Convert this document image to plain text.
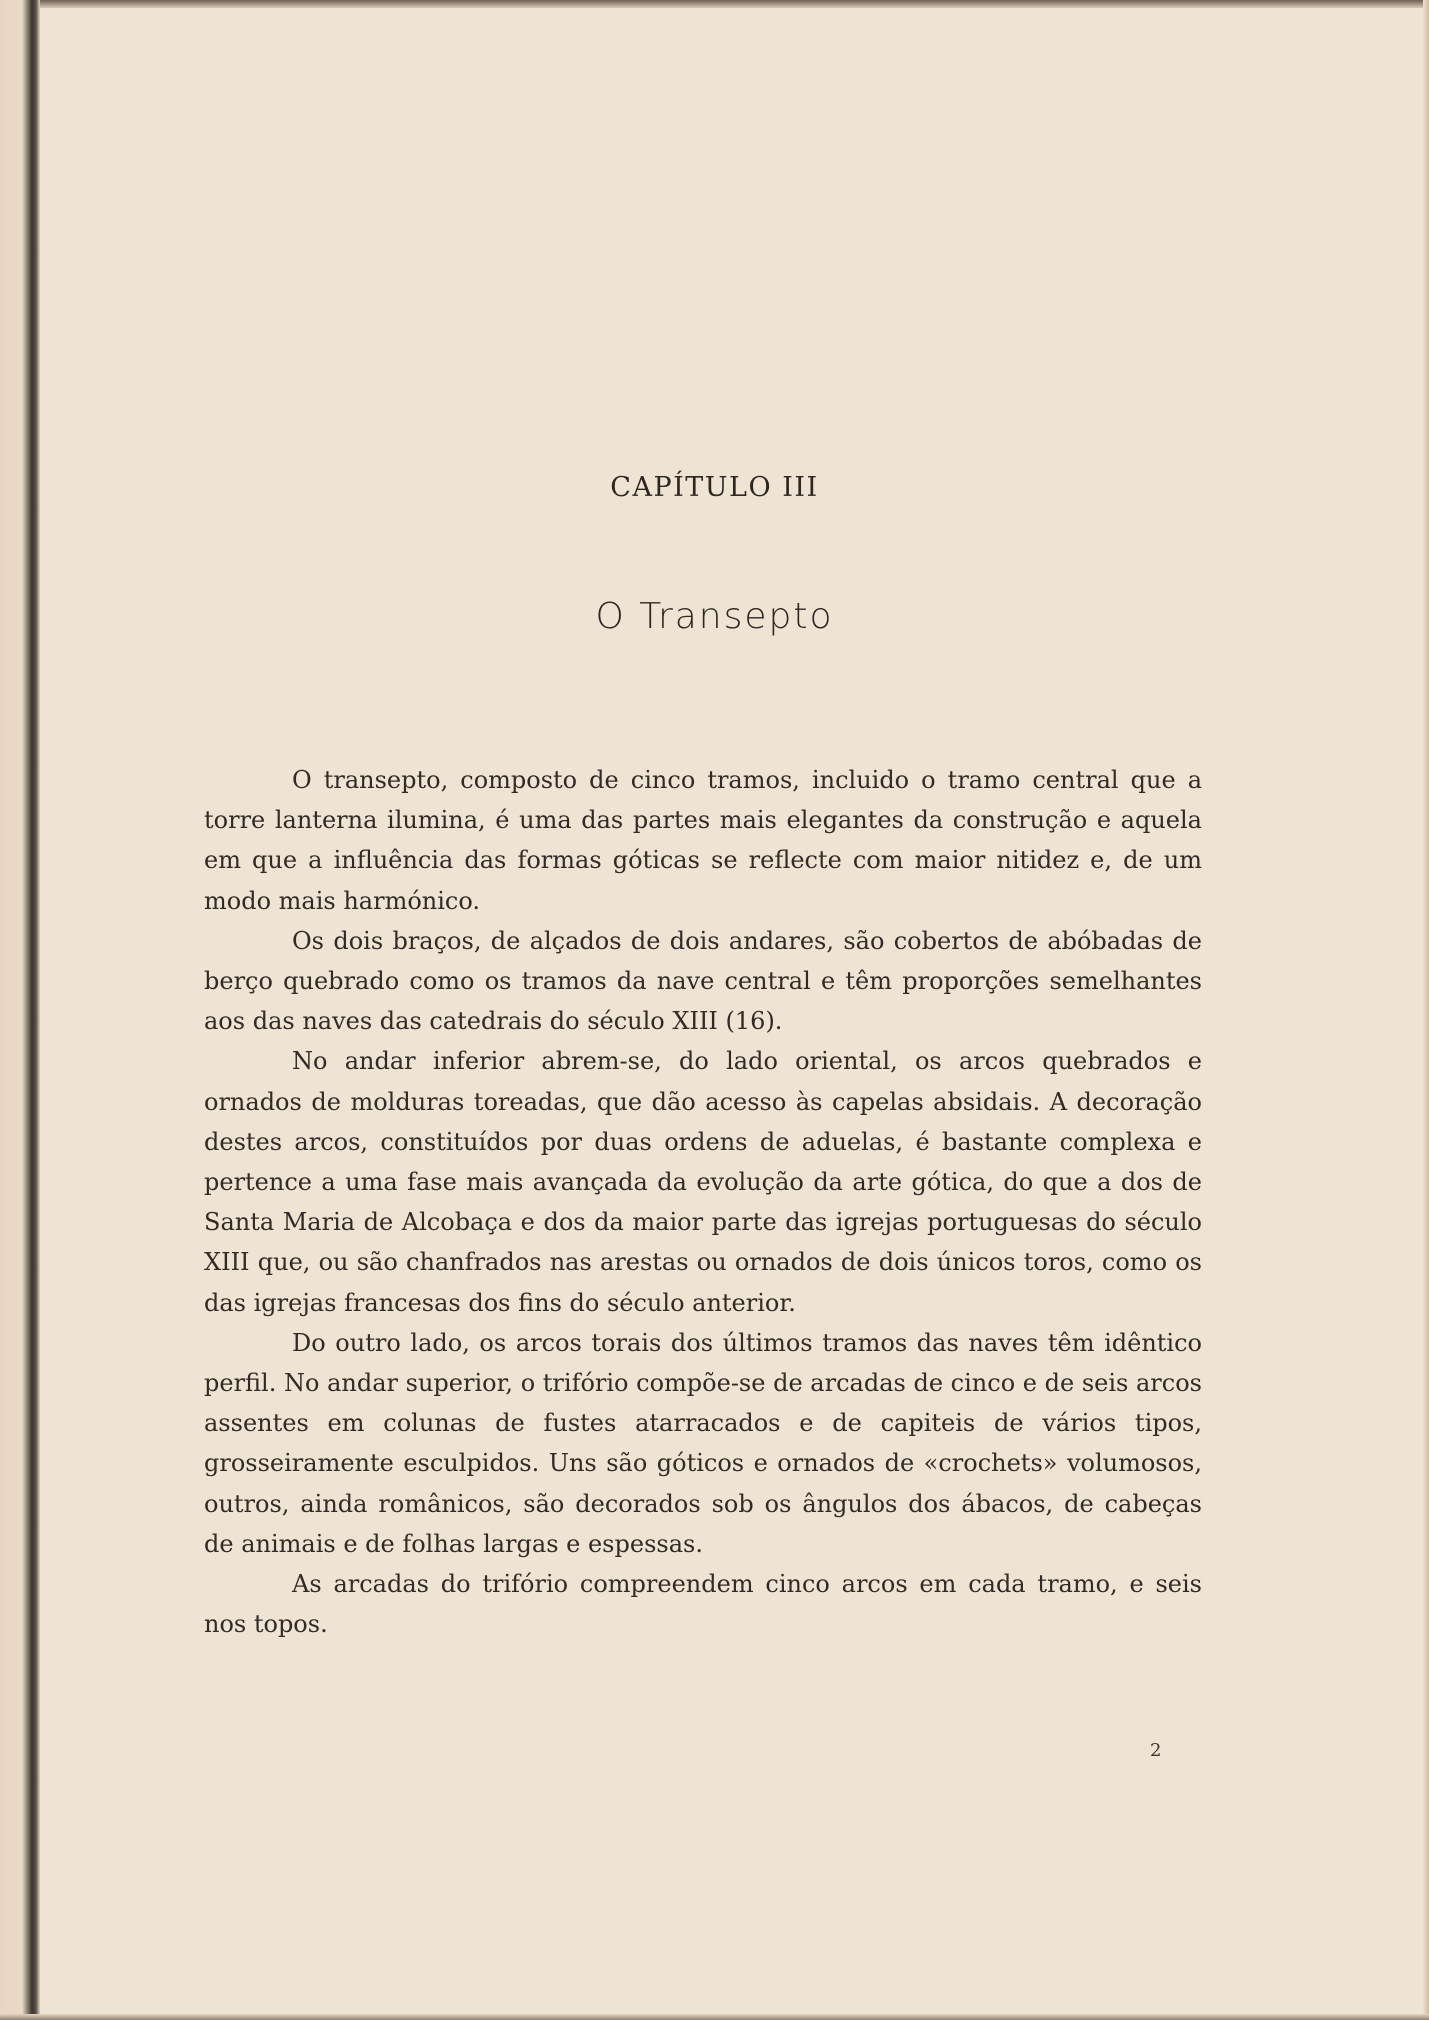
CAPÍTULO III
O Transepto

O transepto, composto de cinco tramos, incluido o tramo central que a torre lanterna ilumina, é uma das partes mais elegantes da construção e aquela em que a influência das formas góticas se reflecte com maior nitidez e, de um modo mais harmónico.

Os dois braços, de alçados de dois andares, são cobertos de abóbadas de berço quebrado como os tramos da nave central e têm proporções semelhantes aos das naves das catedrais do século XIII (16).

No andar inferior abrem-se, do lado oriental, os arcos quebrados e ornados de molduras toreadas, que dão acesso às capelas absidais. A decoração destes arcos, constituídos por duas ordens de aduelas, é bastante complexa e pertence a uma fase mais avançada da evolução da arte gótica, do que a dos de Santa Maria de Alcobaça e dos da maior parte das igrejas portuguesas do século XIII que, ou são chanfrados nas arestas ou ornados de dois únicos toros, como os das igrejas francesas dos fins do século anterior.

Do outro lado, os arcos torais dos últimos tramos das naves têm idêntico perfil. No andar superior, o trifório compõe-se de arcadas de cinco e de seis arcos assentes em colunas de fustes atarracados e de capiteis de vários tipos, grosseiramente esculpidos. Uns são góticos e ornados de «crochets» volumosos, outros, ainda românicos, são decorados sob os ângulos dos ábacos, de cabeças de animais e de folhas largas e espessas.

As arcadas do trifório compreendem cinco arcos em cada tramo, e seis nos topos.

2
